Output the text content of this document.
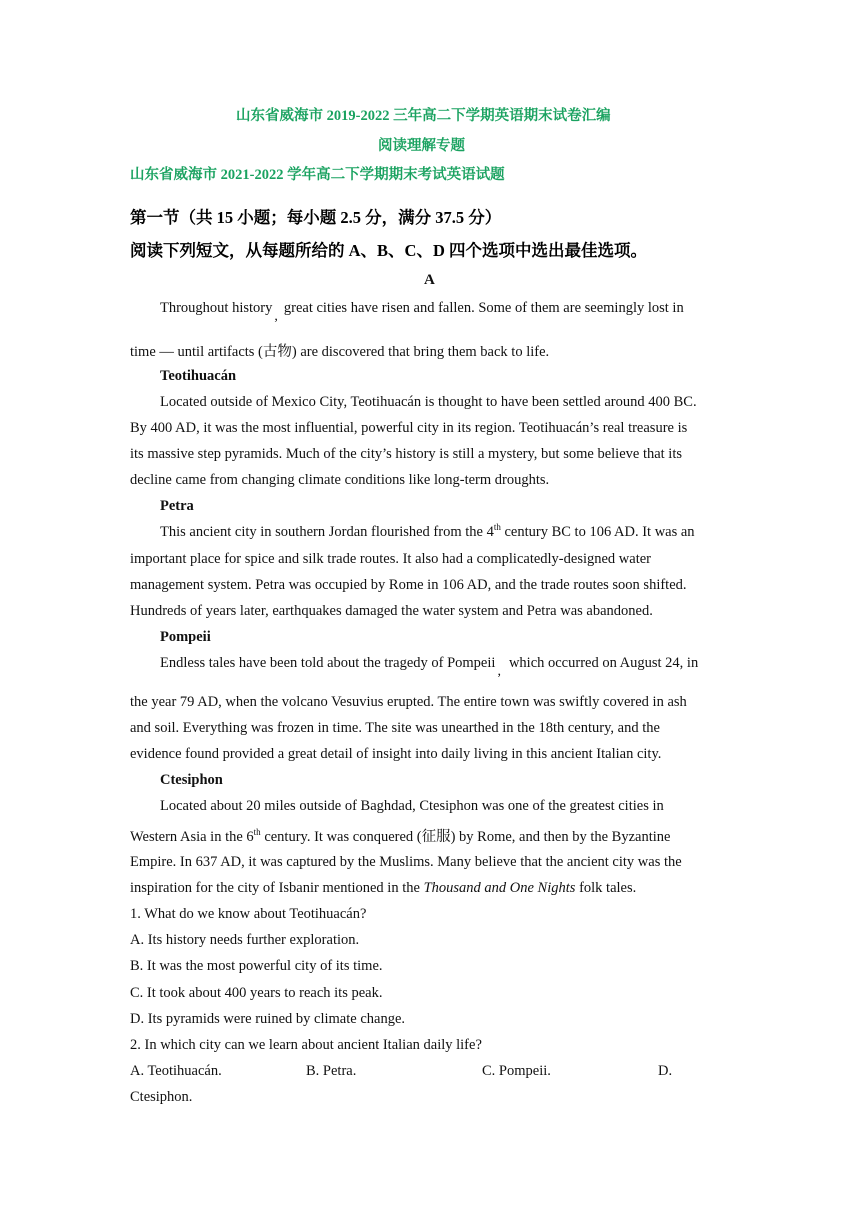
山东省威海市 2019-2022 三年高二下学期英语期末试卷汇编
阅读理解专题
山东省威海市 2021-2022 学年高二下学期期末考试英语试题
第一节（共 15 小题；每小题 2.5 分，满分 37.5 分）
阅读下列短文，从每题所给的 A、B、C、D 四个选项中选出最佳选项。
A
Throughout history,great cities have risen and fallen. Some of them are seemingly lost in
time — until artifacts (古物) are discovered that bring them back to life.
Teotihuacán
Located outside of Mexico City, Teotihuacán is thought to have been settled around 400 BC.
By 400 AD, it was the most influential, powerful city in its region. Teotihuacán’s real treasure is
its massive step pyramids. Much of the city’s history is still a mystery, but some believe that its
decline came from changing climate conditions like long-term droughts.
Petra
This ancient city in southern Jordan flourished from the 4th century BC to 106 AD. It was an
important place for spice and silk trade routes. It also had a complicatedly-designed water
management system. Petra was occupied by Rome in 106 AD, and the trade routes soon shifted.
Hundreds of years later, earthquakes damaged the water system and Petra was abandoned.
Pompeii
Endless tales have been told about the tragedy of Pompeii,which occurred on August 24, in
the year 79 AD, when the volcano Vesuvius erupted. The entire town was swiftly covered in ash
and soil. Everything was frozen in time. The site was unearthed in the 18th century, and the
evidence found provided a great detail of insight into daily living in this ancient Italian city.
Ctesiphon
Located about 20 miles outside of Baghdad, Ctesiphon was one of the greatest cities in
Western Asia in the 6th century. It was conquered (征服) by Rome, and then by the Byzantine
Empire. In 637 AD, it was captured by the Muslims. Many believe that the ancient city was the
inspiration for the city of Isbanir mentioned in the Thousand and One Nights folk tales.
1. What do we know about Teotihuacán?
A. Its history needs further exploration.
B. It was the most powerful city of its time.
C. It took about 400 years to reach its peak.
D. Its pyramids were ruined by climate change.
2. In which city can we learn about ancient Italian daily life?
A. Teotihuacán.	B. Petra.	C. Pompeii.	D.
Ctesiphon.
